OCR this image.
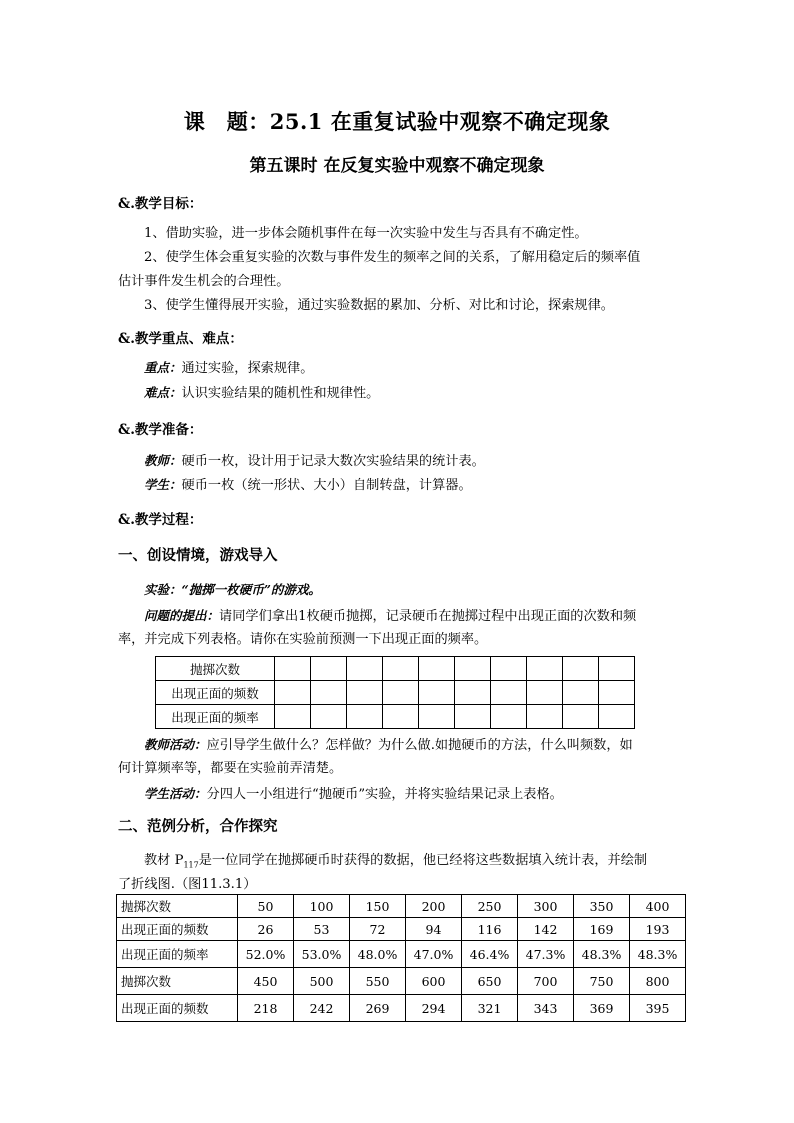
课　题：25.1 在重复试验中观察不确定现象
第五课时 在反复实验中观察不确定现象
&.教学目标：
1、借助实验，进一步体会随机事件在每一次实验中发生与否具有不确定性。
2、使学生体会重复实验的次数与事件发生的频率之间的关系，了解用稳定后的频率值
估计事件发生机会的合理性。
3、使学生懂得展开实验，通过实验数据的累加、分析、对比和讨论，探索规律。
&.教学重点、难点：
重点：通过实验，探索规律。
难点：认识实验结果的随机性和规律性。
&.教学准备：
教师：硬币一枚，设计用于记录大数次实验结果的统计表。
学生：硬币一枚（统一形状、大小）自制转盘，计算器。
&.教学过程：
一、创设情境，游戏导入
实验：“抛掷一枚硬币”的游戏。
问题的提出：请同学们拿出1枚硬币抛掷，记录硬币在抛掷过程中出现正面的次数和频
率，并完成下列表格。请你在实验前预测一下出现正面的频率。
抛掷次数										
出现正面的频数										
出现正面的频率										
教师活动：应引导学生做什么？怎样做？为什么做.如抛硬币的方法，什么叫频数，如
何计算频率等，都要在实验前弄清楚。
学生活动：分四人一小组进行“抛硬币”实验，并将实验结果记录上表格。
二、范例分析，合作探究
教材 $P_{117}$是一位同学在抛掷硬币时获得的数据，他已经将这些数据填入统计表，并绘制
了折线图.（图11.3.1）
抛掷次数	50	100	150	200	250	300	350	400
出现正面的频数	26	53	72	94	116	142	169	193
出现正面的频率	52.0%	53.0%	48.0%	47.0%	46.4%	47.3%	48.3%	48.3%
抛掷次数	450	500	550	600	650	700	750	800
出现正面的频数	218	242	269	294	321	343	369	395
